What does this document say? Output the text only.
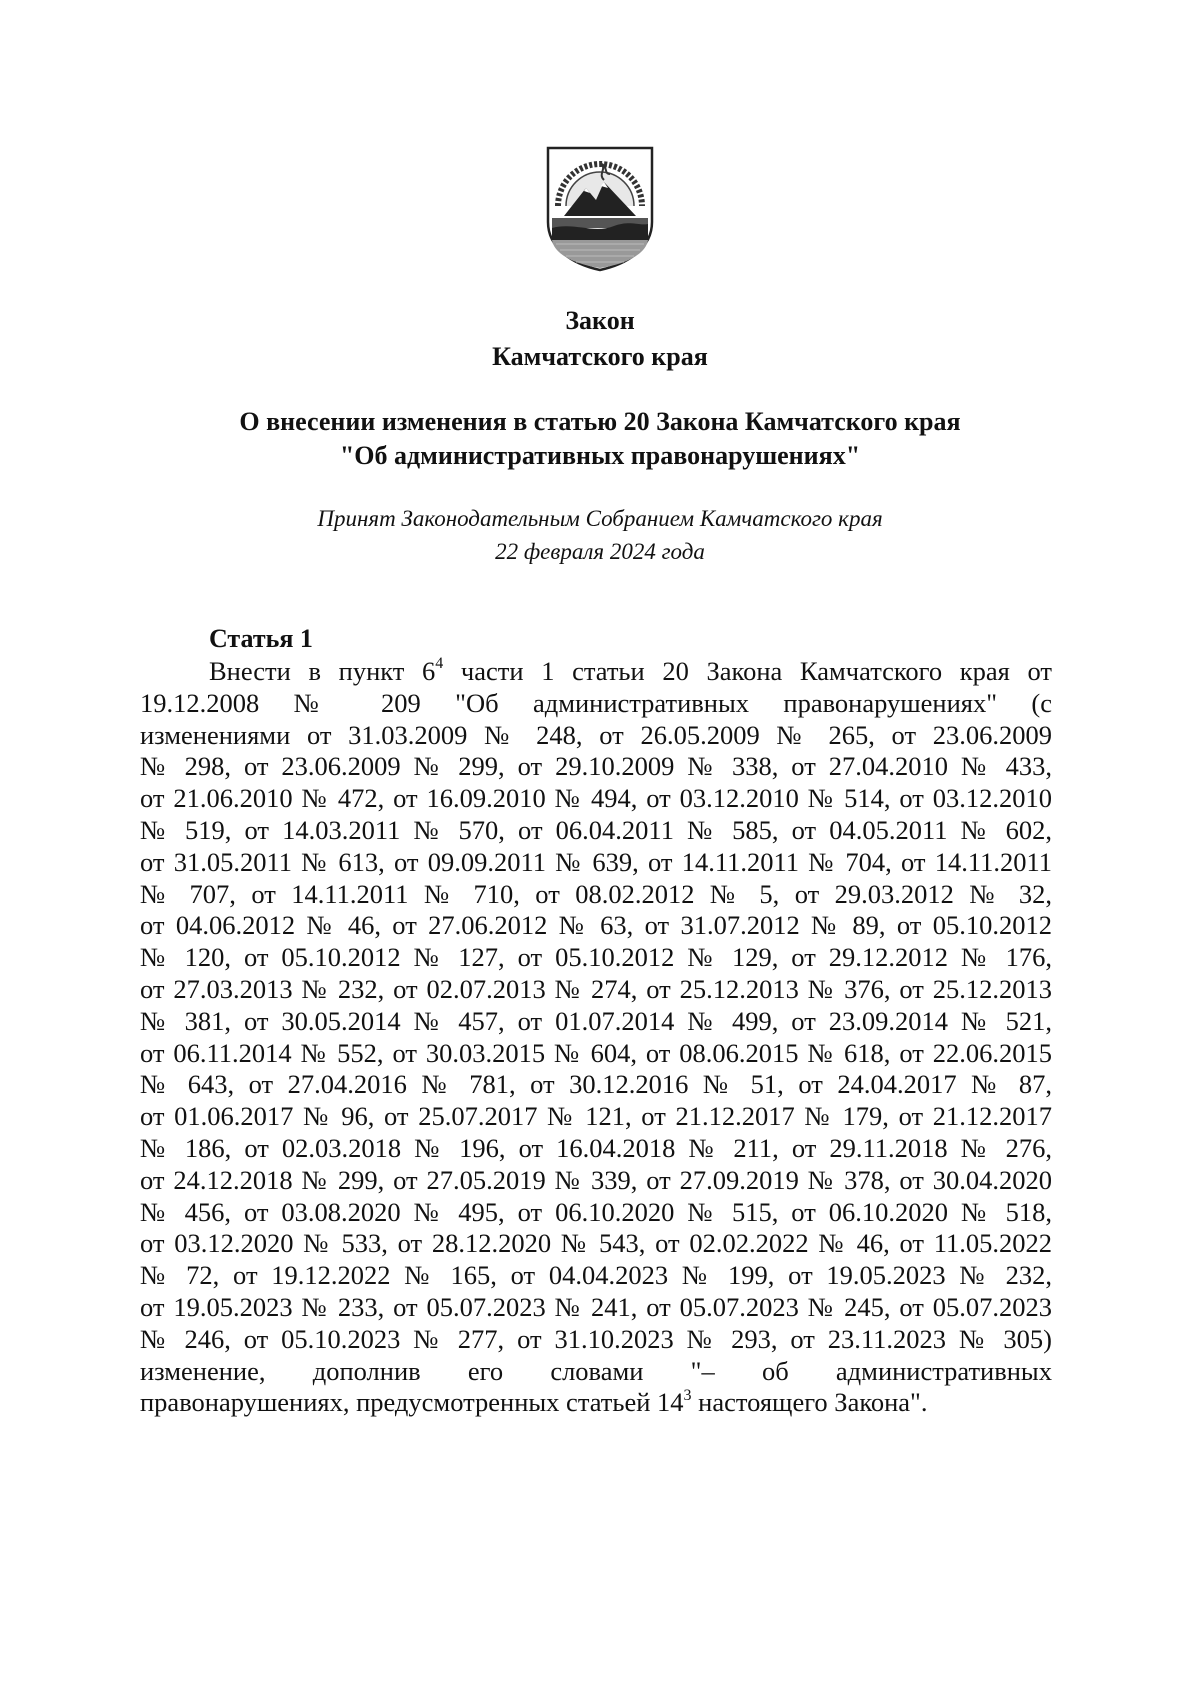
Закон
Камчатского края
О внесении изменения в статью 20 Закона Камчатского края
"Об административных правонарушениях"
Принят Законодательным Собранием Камчатского края
22 февраля 2024 года
Статья 1
Внести в пункт $6^4$ части 1 статьи 20 Закона Камчатского края от
19.12.2008 № 209 "Об административных правонарушениях" (с
изменениями от 31.03.2009 № 248, от 26.05.2009 № 265, от 23.06.2009
№ 298, от 23.06.2009 № 299, от 29.10.2009 № 338, от 27.04.2010 № 433,
от 21.06.2010 № 472, от 16.09.2010 № 494, от 03.12.2010 № 514, от 03.12.2010
№ 519, от 14.03.2011 № 570, от 06.04.2011 № 585, от 04.05.2011 № 602,
от 31.05.2011 № 613, от 09.09.2011 № 639, от 14.11.2011 № 704, от 14.11.2011
№ 707, от 14.11.2011 № 710, от 08.02.2012 № 5, от 29.03.2012 № 32,
от 04.06.2012 № 46, от 27.06.2012 № 63, от 31.07.2012 № 89, от 05.10.2012
№ 120, от 05.10.2012 № 127, от 05.10.2012 № 129, от 29.12.2012 № 176,
от 27.03.2013 № 232, от 02.07.2013 № 274, от 25.12.2013 № 376, от 25.12.2013
№ 381, от 30.05.2014 № 457, от 01.07.2014 № 499, от 23.09.2014 № 521,
от 06.11.2014 № 552, от 30.03.2015 № 604, от 08.06.2015 № 618, от 22.06.2015
№ 643, от 27.04.2016 № 781, от 30.12.2016 № 51, от 24.04.2017 № 87,
от 01.06.2017 № 96, от 25.07.2017 № 121, от 21.12.2017 № 179, от 21.12.2017
№ 186, от 02.03.2018 № 196, от 16.04.2018 № 211, от 29.11.2018 № 276,
от 24.12.2018 № 299, от 27.05.2019 № 339, от 27.09.2019 № 378, от 30.04.2020
№ 456, от 03.08.2020 № 495, от 06.10.2020 № 515, от 06.10.2020 № 518,
от 03.12.2020 № 533, от 28.12.2020 № 543, от 02.02.2022 № 46, от 11.05.2022
№ 72, от 19.12.2022 № 165, от 04.04.2023 № 199, от 19.05.2023 № 232,
от 19.05.2023 № 233, от 05.07.2023 № 241, от 05.07.2023 № 245, от 05.07.2023
№ 246, от 05.10.2023 № 277, от 31.10.2023 № 293, от 23.11.2023 № 305)
изменение, дополнив его словами "– об административных
правонарушениях, предусмотренных статьей $14^3$ настоящего Закона".
